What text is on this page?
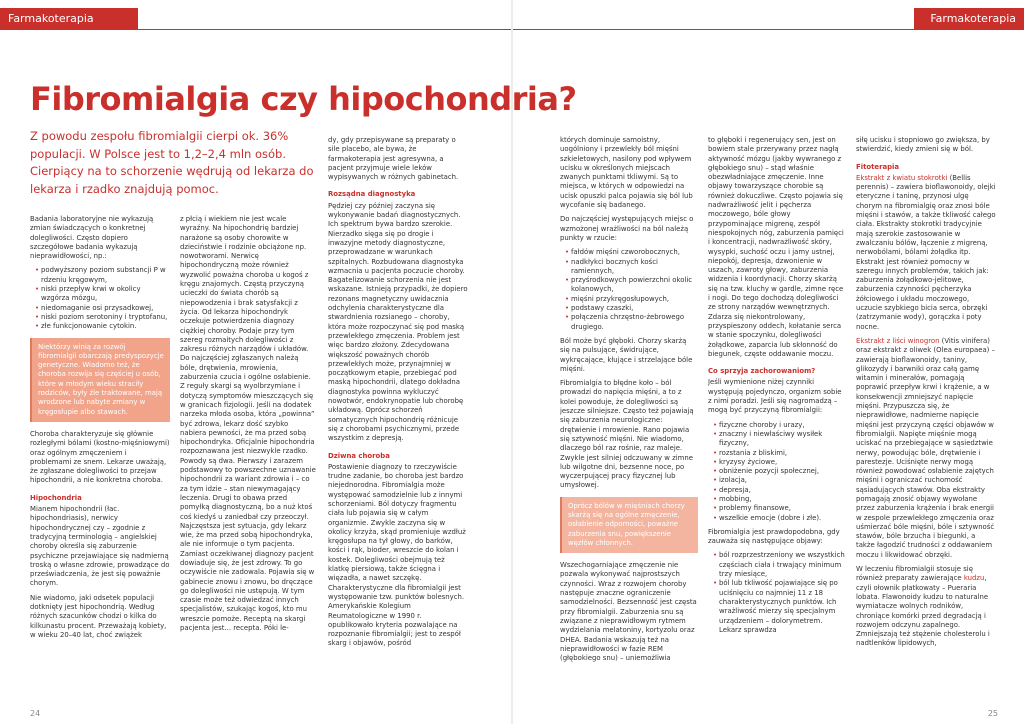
Farmakoterapia	Farmakoterapia
Fibromialgia czy hipochondria?
Z powodu zespołu fibromialgii cierpi ok. 36% populacji. W Polsce jest to 1,2–2,4 mln osób. Cierpiący na to schorzenie wędrują od lekarza do lekarza i rzadko znajdują pomoc.

Badania laboratoryjne nie wykazują zmian świadczących o konkretnej dolegliwości. Często dopiero szczegółowe badania wykazują nieprawidłowości, np.:

• podwyższony poziom substancji P w rdzeniu kręgowym,
• niski przepływ krwi w okolicy wzgórza mózgu,
• niedomaganie osi przysadkowej,
• niski poziom serotoniny i tryptofanu,
• złe funkcjonowanie cytokin.
Niektórzy winią za rozwój fibromialgii obarczają predyspozycje genetyczne. Wiadomo też, że choroba rozwija się częściej u osób, które w młodym wieku straciły rodziców, były źle traktowane, mają wrodzone lub nabyte zmiany w kręgosłupie albo stawach.

Choroba charakteryzuje się głównie rozległymi bólami (kostno-mięśniowymi) oraz ogólnym zmęczeniem i problemami ze snem. Lekarze uważają, że zgłaszane dolegliwości to przejaw hipochondrii, a nie konkretna choroba.

Hipochondria

Mianem hipochondrii (łac. hipochondriasis), nerwicy hipochondrycznej czy – zgodnie z tradycyjną terminologią – angielskiej choroby określa się zaburzenie psychiczne przejawiające się nadmierną troską o własne zdrowie, prowadzące do przeświadczenia, że jest się poważnie chorym.

Nie wiadomo, jaki odsetek populacji dotknięty jest hipochondrią. Według różnych szacunków chodzi o kilka do kilkunastu procent. Przeważają kobiety, w wieku 20–40 lat, choć zwiążek

z płcią i wiekiem nie jest wcale wyraźny. Na hipochondrię bardziej narażone są osoby chorowite w dzieciństwie i rodzinie obciążone np. nowotworami. Nerwicę hipochondryczną może również wyzwolić poważna choroba u kogoś z kręgu znajomych. Częstą przyczyną ucieczki do świata chorób są niepowodzenia i brak satysfakcji z życia. Od lekarza hipochondryk oczekuje potwierdzenia diagnozy ciężkiej choroby. Podaje przy tym szereg rozmaitych dolegliwości z zakresu różnych narządów i układów. Do najczęściej zgłaszanych należą bóle, drętwienia, mrowienia, zaburzenia czucia i ogólne osłabienie. Z reguły skargi są wyolbrzymiane i dotyczą symptomów mieszczących się w granicach fizjologii. Jeśli na dodatek narzeka młoda osoba, która „powinna” być zdrowa, lekarz dość szybko nabiera pewności, że ma przed sobą hipochondryka. Oficjalnie hipochondria rozpoznawana jest niezwykle rzadko. Powody są dwa. Pierwszy i zarazem podstawowy to powszechne uznawanie hipochondrii za wariant zdrowia i – co za tym idzie – stan niewymagający leczenia. Drugi to obawa przed pomyłką diagnostyczną, bo a nuż ktoś coś kiedyś u zaniedbał czy przeoczył. Najczęstsza jest sytuacja, gdy lekarz wie, że ma przed sobą hipochondryka, ale nie informuje o tym pacjenta. Zamiast oczekiwanej diagnozy pacjent dowiaduje się, że jest zdrowy. To go oczywiście nie zadowala. Pojawia się w gabinecie znowu i znowu, bo dręczące go dolegliwości nie ustępują. W tym czasie może też odwiedzać innych specjalistów, szukając kogoś, kto mu wreszcie pomoże. Receptą na skargi pacjenta jest... recepta. Póki le-

dy, gdy przepisywane są preparaty o sile placebo, ale bywa, że farmakoterapia jest agresywna, a pacjent przyjmuje wiele leków wypisywanych w różnych gabinetach.

Rozsądna diagnostyka

Pędziej czy później zaczyna się wykonywanie badań diagnostycznych. Ich spektrum bywa bardzo szerokie. Nierzadko sięga się po drogie i inwazyjne metody diagnostyczne, przeprowadzane w warunkach szpitalnych. Rozbudowana diagnostyka wzmacnia u pacjenta poczucie choroby. Bagatelizowanie schorzenia nie jest wskazane. Istnieją przypadki, że dopiero rezonans magnetyczny uwidacznia odchylenia charakterystyczne dla stwardnienia rozsianego – choroby, która może rozpoczynać się pod maską przewlekłego zmęczenia. Problem jest więc bardzo złożony. Zdecydowana większość poważnych chorób przewlekłych może, przynajmniej w początkowym etapie, przebiegać pod maską hipochondrii, dlatego dokładna diagnostyka powinna wykluczyć nowotwór, endokrynopatie lub chorobę układową. Oprócz schorzeń somatycznych hipochondrię różnicuje się z chorobami psychicznymi, przede wszystkim z depresją.

Dziwna choroba

Postawienie diagnozy to rzeczywiście trudne zadanie, bo choroba jest bardzo niejednorodna. Fibromialgia może występować samodzielnie lub z innymi schorzeniami. Ból dotyczy fragmentu ciała lub pojawia się w całym organizmie. Zwykle zaczyna się w okolicy krzyża, skąd promieniuje wzdłuż kręgosłupa na tył głowy, do barków, kości i rąk, bioder, wreszcie do kolan i kostek. Dolegliwości obejmują też klatkę piersiową, także ścięgna i więzadła, a nawet szczękę. Charakterystyczne dla fibromialgii jest występowanie tzw. punktów bolesnych. Amerykańskie Kolegium Reumatologiczne w 1990 r. opublikowało kryteria pozwalające na rozpoznanie fibromialgii; jest to zespół skarg i objawów, pośród

których dominuje samoistny, uogólniony i przewlekły ból mięśni szkieletowych, nasilony pod wpływem ucisku w określonych miejscach zwanych punktami tkliwymi. Są to miejsca, w których w odpowiedzi na ucisk opuszki palca pojawia się ból lub wycofanie się badanego.

Do najczęściej występujących miejsc o wzmożonej wrażliwości na ból należą punkty w rzucie:

• fałdów mięśni czworobocznych,
• nadkłykci bocznych kości ramiennych,
• przyśrodkowych powierzchni okolic kolanowych,
• mięśni przykręgosłupowych,
• podstawy czaszki,
• połączenia chrzęstno-żebrowego drugiego.

Ból może być głęboki. Chorzy skarżą się na pulsujące, świdrujące, wykręcające, kłujące i strzelające bóle mięśni.

Fibromialgia to błędne koło – ból prowadzi do napięcia mięśni, a to z kolei powoduje, że dolegliwości są jeszcze silniejsze. Często też pojawiają się zaburzenia neurologiczne: drętwienie i mrowienie. Rano pojawia się sztywność mięśni. Nie wiadomo, dlaczego ból raz rośnie, raz maleje. Zwykle jest silniej odczuwany w zimne lub wilgotne dni, bezsenne noce, po wyczerpującej pracy fizycznej lub umysłowej.

Oprócz bólów w mięśniach chorzy skarżą się na ogólne zmęczenie, osłabienie odporności, poważne zaburzenia snu, powiększenie węzłów chłonnych.

Wszechogarniające zmęczenie nie pozwala wykonywać najprostszych czynności. Wraz z rozwojem choroby następuje znaczne ograniczenie samodzielności. Bezsenność jest częsta przy fibromialgii. Zaburzenia snu są związane z nieprawidłowym rytmem wydzielania melatoniny, kortyzolu oraz DHEA. Badania wskazują też na nieprawidłowości w fazie REM (głębokiego snu) – uniemożliwia

to głęboki i regenerujący sen, jest on bowiem stale przerywany przez nagłą aktywność mózgu (jakby wywranego z głębokiego snu) – stąd właśnie obezwładniające zmęczenie. Inne objawy towarzyszące chorobie są również dokuczliwe. Często pojawia się nadwrażliwość jelit i pęcherza moczowego, bóle głowy przypominające migrenę, zespół niespokojnych nóg, zaburzenia pamięci i koncentracji, nadwrażliwość skóry, wysypki, suchość oczu i jamy ustnej, niepokój, depresja, dzwonienie w uszach, zawroty głowy, zaburzenia widzenia i koordynacji. Chorzy skarżą się na tzw. kluchy w gardle, zimne ręce i nogi. Do tego dochodzą dolegliwości ze strony narządów wewnętrznych. Zdarza się niekontrolowany, przyspieszony oddech, kołatanie serca w stanie spoczynku, dolegliwości żołądkowe, zaparcia lub skłonność do biegunek, częste oddawanie moczu.

Co sprzyja zachorowaniom?

Jeśli wymienione niżej czynniki występują pojedynczo, organizm sobie z nimi poradzi. Jeśli się nagromadzą – mogą być przyczyną fibromialgii:

• fizyczne choroby i urazy,
• znaczny i niewłaściwy wysiłek fizyczny,
• rozstania z bliskimi,
• kryzysy życiowe,
• obniżenie pozycji społecznej,
• izolacja,
• depresja,
• mobbing,
• problemy finansowe,
• wszelkie emocje (dobre i złe).

Fibromialgia jest prawdopodobna, gdy zauważa się następujące objawy:

• ból rozprzestrzeniony we wszystkich częściach ciała i trwający minimum trzy miesiące,
• ból lub tkliwość pojawiające się po uciśnięciu co najmniej 11 z 18 charakterystycznych punktów. Ich wrażliwość mierzy się specjalnym urządzeniem – dolorymetrem. Lekarz sprawdza

siłę ucisku i stopniowo go zwiększa, by stwierdzić, kiedy zmieni się w ból.

Fitoterapia

Ekstrakt z kwiatu stokrotki (Bellis perennis) – zawiera bioflawonoidy, olejki eteryczne i taninę, przynosi ulgę chorym na fibromialgię oraz znosi bóle mięśni i stawów, a także tkliwość całego ciała. Ekstrakty stokrotki tradycyjnie mają szerokie zastosowanie w zwalczaniu bólów, łączenie z migreną, nerwobólami, bólami żołądka itp. Ekstrakt jest również pomocny w szeregu innych problemów, takich jak: zaburzenia żołądkowo-jelitowe, zaburzenia czynności pęcherzyka żółciowego i układu moczowego, uczucie szybkiego bicia serca, obrzęki (zatrzymanie wody), gorączka i poty nocne.

Ekstrakt z liści winogron (Vitis vinifera) oraz ekstrakt z oliwek (Olea europaea) – zawierają bioflawonoidy, taniny, glikozydy i barwniki oraz całą gamę witamin i minerałów, pomagają poprawić przepływ krwi i krążenie, a w konsekwencji zmniejszyć napięcie mięśni. Przypuszcza się, że nieprawidłowe, nadmierne napięcie mięśni jest przyczyną części objawów w fibromialgii. Napięte mięśnie mogą uciskać na przebiegające w sąsiedztwie nerwy, powodując bóle, drętwienie i parestezje. Uciśnięte nerwy mogą również powodować osłabienie zajętych mięśni i ograniczać ruchomość sąsiadujących stawów. Oba ekstrakty pomagają znosić objawy wywołane przez zaburzenia krążenia i brak energii w zespole przewlekłego zmęczenia oraz uśmierzać bóle mięśni, bóle i sztywność stawów, bóle brzucha i biegunki, a także łagodzić trudności z oddawaniem moczu i likwidować obrzęki.

W leczeniu fibromialgii stosuje się również preparaty zawierające kudzu, czyli ołownik płatkowaty – Pueraria lobata. Flawonoidy kudzu to naturalne wymiatacze wolnych rodników, chroniące komórki przed degradacją i rozwojem odczynu zapalnego. Zmniejszają też stężenie cholesterolu i nadtlenków lipidowych,

24	25
